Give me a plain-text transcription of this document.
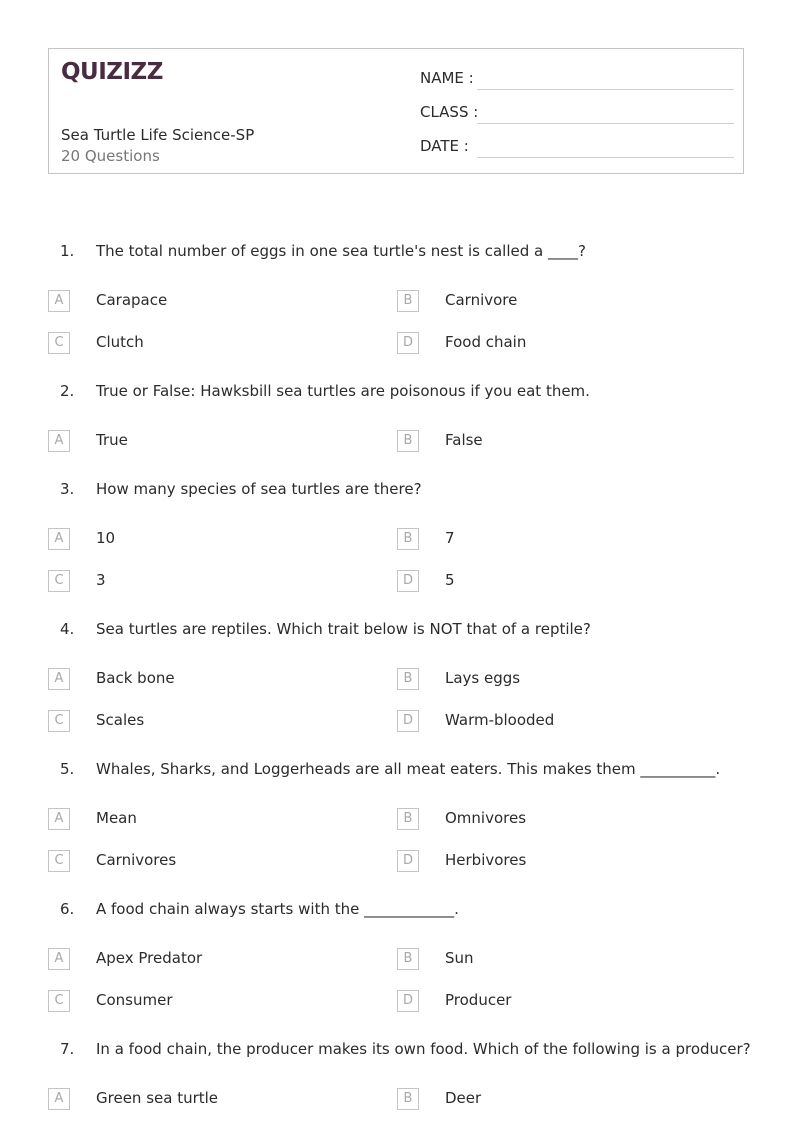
QUIZIZZ
Sea Turtle Life Science-SP
20 Questions
NAME :
CLASS :
DATE :
1. The total number of eggs in one sea turtle's nest is called a ____?
A	Carapace	B	Carnivore
C	Clutch	D	Food chain
2. True or False: Hawksbill sea turtles are poisonous if you eat them.
A	True	B	False
3. How many species of sea turtles are there?
A	10	B	7
C	3	D	5
4. Sea turtles are reptiles. Which trait below is NOT that of a reptile?
A	Back bone	B	Lays eggs
C	Scales	D	Warm-blooded
5. Whales, Sharks, and Loggerheads are all meat eaters. This makes them __________.
A	Mean	B	Omnivores
C	Carnivores	D	Herbivores
6. A food chain always starts with the ____________.
A	Apex Predator	B	Sun
C	Consumer	D	Producer
7. In a food chain, the producer makes its own food. Which of the following is a producer?
A	Green sea turtle	B	Deer
